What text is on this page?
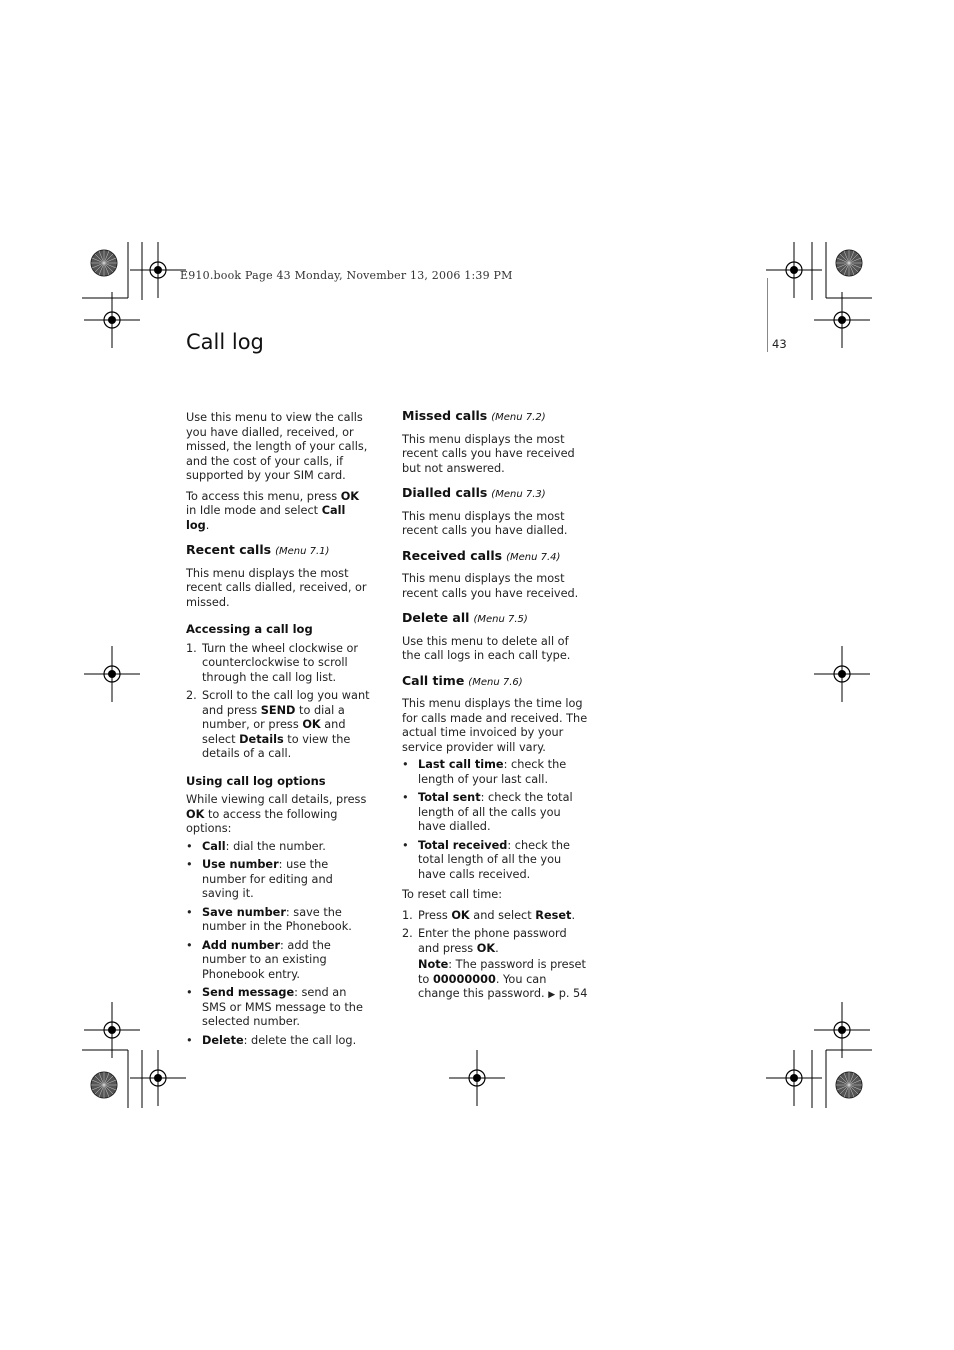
E910.book Page 43 Monday, November 13, 2006 1:39 PM
43
Call log

Use this menu to view the calls you have dialled, received, or missed, the length of your calls, and the cost of your calls, if supported by your SIM card.

To access this menu, press OK in Idle mode and select Call log.

Recent calls (Menu 7.1)

This menu displays the most recent calls dialled, received, or missed.

Accessing a call log
1. Turn the wheel clockwise or counterclockwise to scroll through the call log list.
2. Scroll to the call log you want and press SEND to dial a number, or press OK and select Details to view the details of a call.
Using call log options

While viewing call details, press OK to access the following options:

• Call: dial the number.
• Use number: use the number for editing and saving it.
• Save number: save the number in the Phonebook.
• Add number: add the number to an existing Phonebook entry.
• Send message: send an SMS or MMS message to the selected number.
• Delete: delete the call log.
Missed calls (Menu 7.2)

This menu displays the most recent calls you have received but not answered.

Dialled calls (Menu 7.3)

This menu displays the most recent calls you have dialled.

Received calls (Menu 7.4)

This menu displays the most recent calls you have received.

Delete all (Menu 7.5)

Use this menu to delete all of the call logs in each call type.

Call time (Menu 7.6)

This menu displays the time log for calls made and received. The actual time invoiced by your service provider will vary.

• Last call time: check the length of your last call.
• Total sent: check the total length of all the calls you have dialled.
• Total received: check the total length of all the you have calls received.

To reset call time:

1. Press OK and select Reset.
2. Enter the phone password and press OK.
Note: The password is preset to 00000000. You can change this password. ▶ p. 54
